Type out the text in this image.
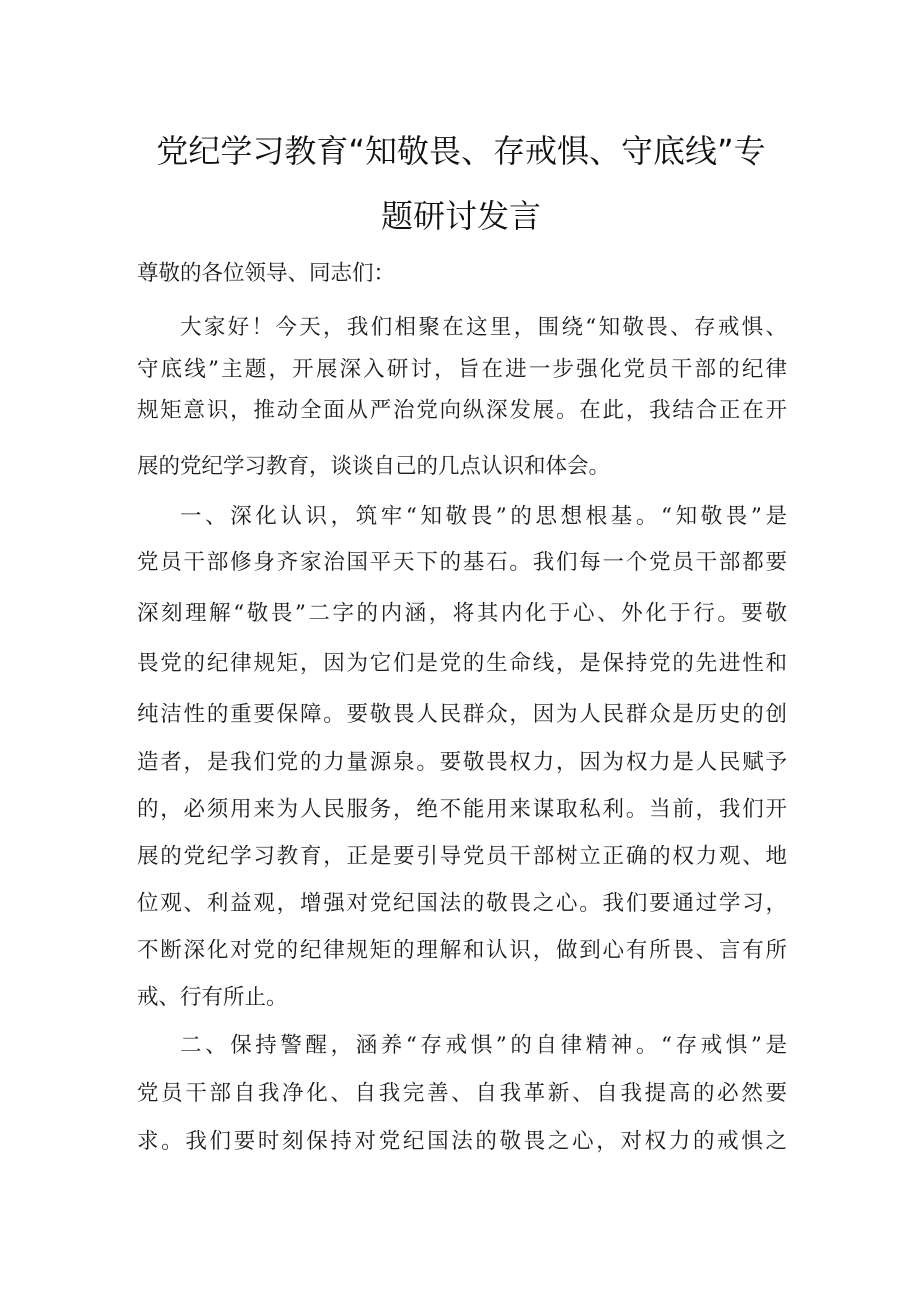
党纪学习教育“知敬畏、存戒惧、守底线”专
题研讨发言
尊敬的各位领导、同志们：
大家好！今天，我们相聚在这里，围绕“知敬畏、存戒惧、
守底线”主题，开展深入研讨，旨在进一步强化党员干部的纪律
规矩意识，推动全面从严治党向纵深发展。在此，我结合正在开
展的党纪学习教育，谈谈自己的几点认识和体会。
一、深化认识，筑牢“知敬畏”的思想根基。“知敬畏”是
党员干部修身齐家治国平天下的基石。我们每一个党员干部都要
深刻理解“敬畏”二字的内涵，将其内化于心、外化于行。要敬
畏党的纪律规矩，因为它们是党的生命线，是保持党的先进性和
纯洁性的重要保障。要敬畏人民群众，因为人民群众是历史的创
造者，是我们党的力量源泉。要敬畏权力，因为权力是人民赋予
的，必须用来为人民服务，绝不能用来谋取私利。当前，我们开
展的党纪学习教育，正是要引导党员干部树立正确的权力观、地
位观、利益观，增强对党纪国法的敬畏之心。我们要通过学习，
不断深化对党的纪律规矩的理解和认识，做到心有所畏、言有所
戒、行有所止。
二、保持警醒，涵养“存戒惧”的自律精神。“存戒惧”是
党员干部自我净化、自我完善、自我革新、自我提高的必然要
求。我们要时刻保持对党纪国法的敬畏之心，对权力的戒惧之
